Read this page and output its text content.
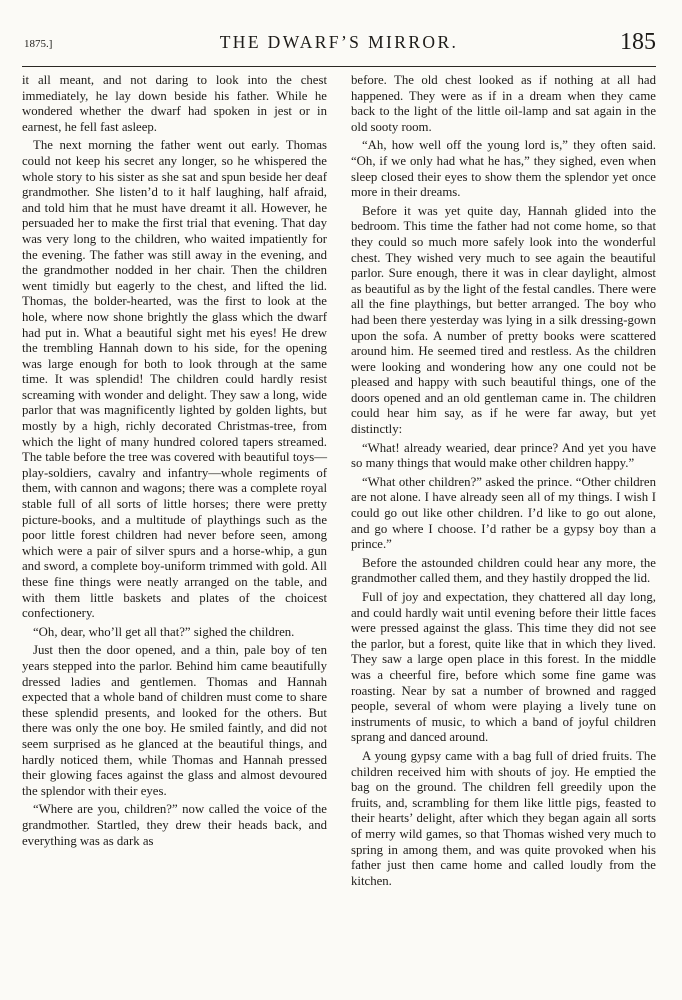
1875.]	THE DWARF’S MIRROR.	185

it all meant, and not daring to look into the chest immediately, he lay down beside his father. While he wondered whether the dwarf had spoken in jest or in earnest, he fell fast asleep.

The next morning the father went out early. Thomas could not keep his secret any longer, so he whispered the whole story to his sister as she sat and spun beside her deaf grandmother. She listen’d to it half laughing, half afraid, and told him that he must have dreamt it all. However, he persuaded her to make the first trial that evening. That day was very long to the children, who waited impatiently for the evening. The father was still away in the evening, and the grandmother nodded in her chair. Then the children went timidly but eagerly to the chest, and lifted the lid. Thomas, the bolder-hearted, was the first to look at the hole, where now shone brightly the glass which the dwarf had put in. What a beautiful sight met his eyes! He drew the trembling Hannah down to his side, for the opening was large enough for both to look through at the same time. It was splendid! The children could hardly resist screaming with wonder and delight. They saw a long, wide parlor that was magnificently lighted by golden lights, but mostly by a high, richly decorated Christmas-tree, from which the light of many hundred colored tapers streamed. The table before the tree was covered with beautiful toys—play-soldiers, cavalry and infantry—whole regiments of them, with cannon and wagons; there was a complete royal stable full of all sorts of little horses; there were pretty picture-books, and a multitude of playthings such as the poor little forest children had never before seen, among which were a pair of silver spurs and a horse-whip, a gun and sword, a complete boy-uniform trimmed with gold. All these fine things were neatly arranged on the table, and with them little baskets and plates of the choicest confectionery.

“Oh, dear, who’ll get all that?” sighed the children.

Just then the door opened, and a thin, pale boy of ten years stepped into the parlor. Behind him came beautifully dressed ladies and gentlemen. Thomas and Hannah expected that a whole band of children must come to share these splendid presents, and looked for the others. But there was only the one boy. He smiled faintly, and did not seem surprised as he glanced at the beautiful things, and hardly noticed them, while Thomas and Hannah pressed their glowing faces against the glass and almost devoured the splendor with their eyes.

“Where are you, children?” now called the voice of the grandmother. Startled, they drew their heads back, and everything was as dark as

before. The old chest looked as if nothing at all had happened. They were as if in a dream when they came back to the light of the little oil-lamp and sat again in the old sooty room.

“Ah, how well off the young lord is,” they often said. “Oh, if we only had what he has,” they sighed, even when sleep closed their eyes to show them the splendor yet once more in their dreams.

Before it was yet quite day, Hannah glided into the bedroom. This time the father had not come home, so that they could so much more safely look into the wonderful chest. They wished very much to see again the beautiful parlor. Sure enough, there it was in clear daylight, almost as beautiful as by the light of the festal candles. There were all the fine playthings, but better arranged. The boy who had been there yesterday was lying in a silk dressing-gown upon the sofa. A number of pretty books were scattered around him. He seemed tired and restless. As the children were looking and wondering how any one could not be pleased and happy with such beautiful things, one of the doors opened and an old gentleman came in. The children could hear him say, as if he were far away, but yet distinctly:

“What! already wearied, dear prince? And yet you have so many things that would make other children happy.”

“What other children?” asked the prince. “Other children are not alone. I have already seen all of my things. I wish I could go out like other children. I’d like to go out alone, and go where I choose. I’d rather be a gypsy boy than a prince.”

Before the astounded children could hear any more, the grandmother called them, and they hastily dropped the lid.

Full of joy and expectation, they chattered all day long, and could hardly wait until evening before their little faces were pressed against the glass. This time they did not see the parlor, but a forest, quite like that in which they lived. They saw a large open place in this forest. In the middle was a cheerful fire, before which some fine game was roasting. Near by sat a number of browned and ragged people, several of whom were playing a lively tune on instruments of music, to which a band of joyful children sprang and danced around.

A young gypsy came with a bag full of dried fruits. The children received him with shouts of joy. He emptied the bag on the ground. The children fell greedily upon the fruits, and, scrambling for them like little pigs, feasted to their hearts’ delight, after which they began again all sorts of merry wild games, so that Thomas wished very much to spring in among them, and was quite provoked when his father just then came home and called loudly from the kitchen.
